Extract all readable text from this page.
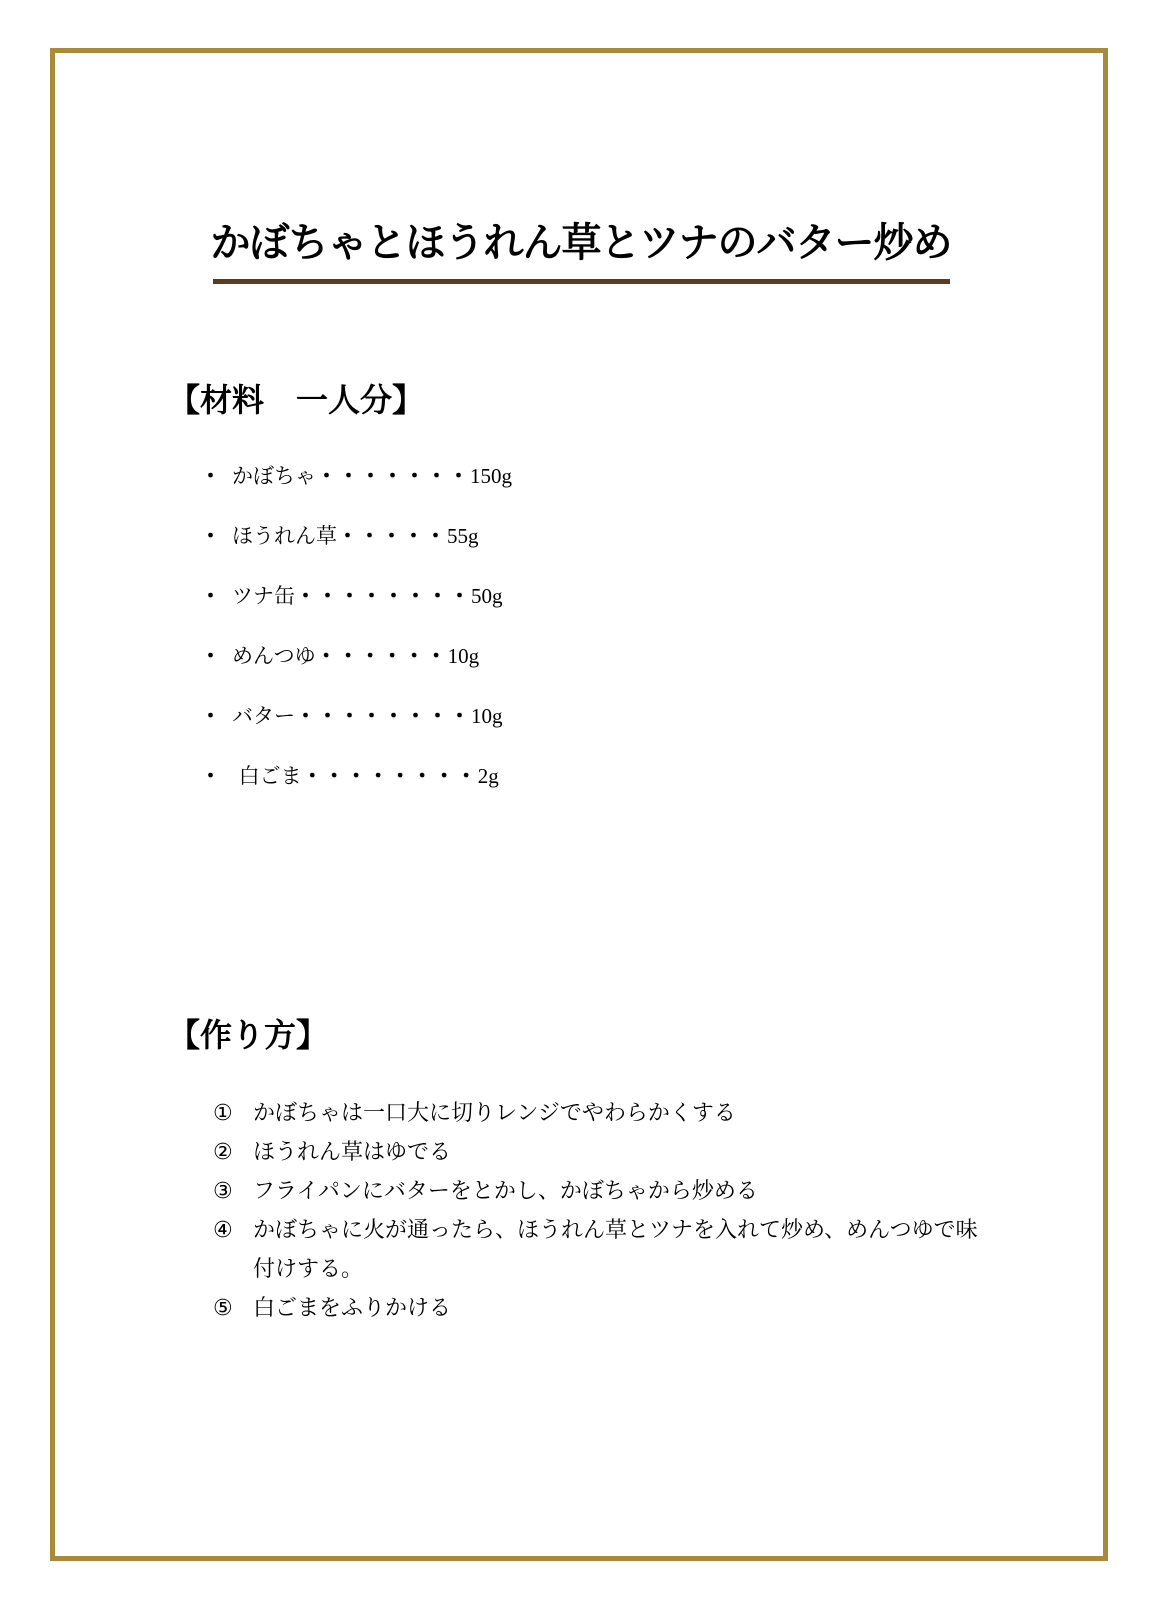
かぼちゃとほうれん草とツナのバター炒め
【材料　一人分】
・ かぼちゃ ・・・・・・・ 150g
・ ほうれん草 ・・・・・ 55g
・ ツナ缶 ・・・・・・・・ 50g
・ めんつゆ ・・・・・・ 10g
・ バター ・・・・・・・・ 10g
・ 白ごま ・・・・・・・・ 2g
【作り方】
① かぼちゃは一口大に切りレンジでやわらかくする
② ほうれん草はゆでる
③ フライパンにバターをとかし、かぼちゃから炒める
④ かぼちゃに火が通ったら、ほうれん草とツナを入れて炒め、めんつゆで味付けする。
⑤ 白ごまをふりかける
